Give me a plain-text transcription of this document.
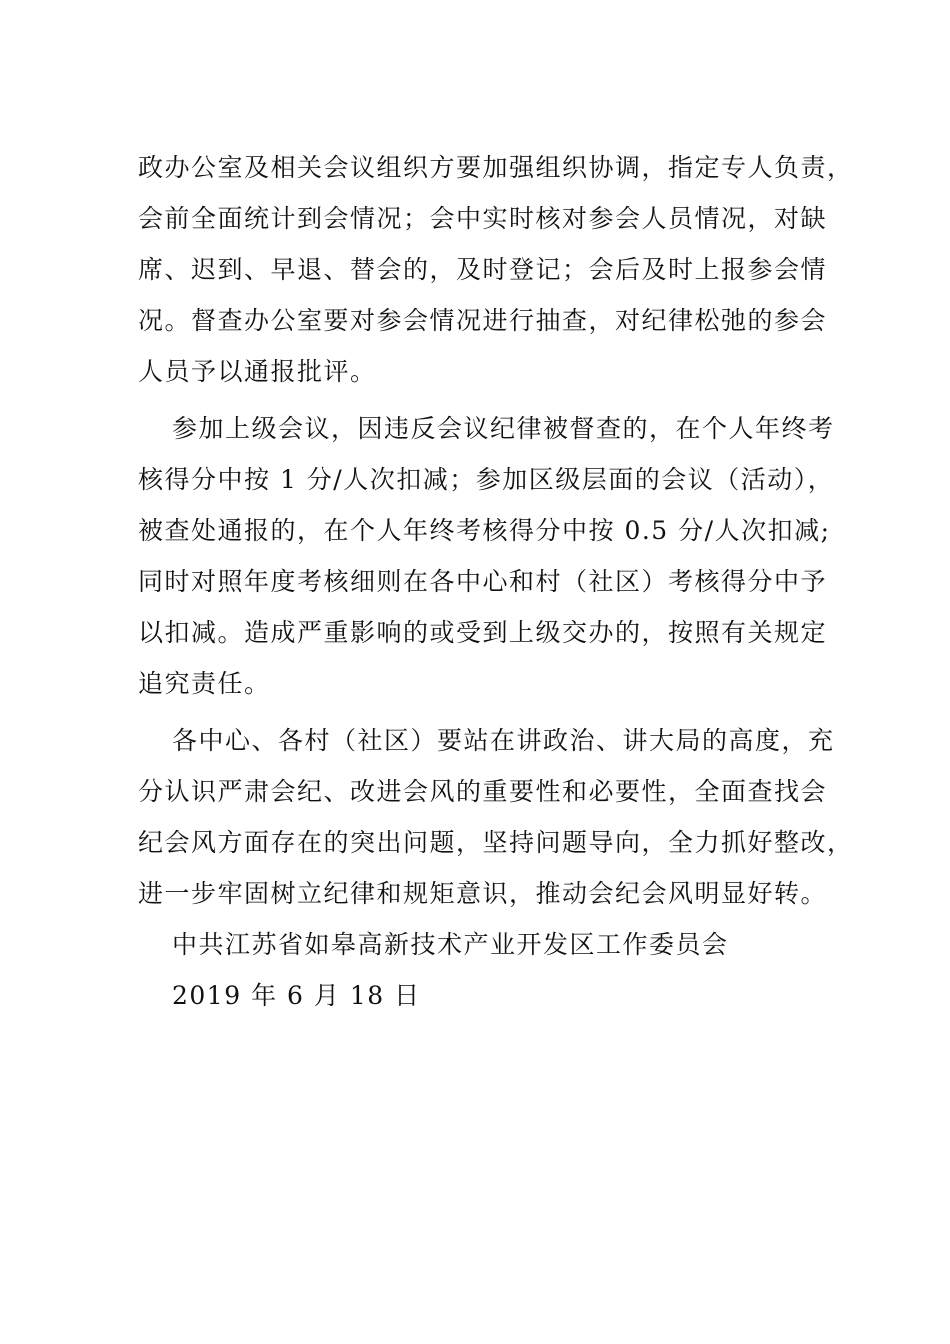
政办公室及相关会议组织方要加强组织协调，指定专人负责，
会前全面统计到会情况；会中实时核对参会人员情况，对缺
席、迟到、早退、替会的，及时登记；会后及时上报参会情
况。督查办公室要对参会情况进行抽查，对纪律松弛的参会
人员予以通报批评。
参加上级会议，因违反会议纪律被督查的，在个人年终考
核得分中按 1 分/人次扣减；参加区级层面的会议（活动），
被查处通报的，在个人年终考核得分中按 0.5 分/人次扣减;
同时对照年度考核细则在各中心和村（社区）考核得分中予
以扣减。造成严重影响的或受到上级交办的，按照有关规定
追究责任。
各中心、各村（社区）要站在讲政治、讲大局的高度，充
分认识严肃会纪、改进会风的重要性和必要性，全面查找会
纪会风方面存在的突出问题，坚持问题导向，全力抓好整改，
进一步牢固树立纪律和规矩意识，推动会纪会风明显好转。
中共江苏省如皋高新技术产业开发区工作委员会
2019 年 6 月 18 日
